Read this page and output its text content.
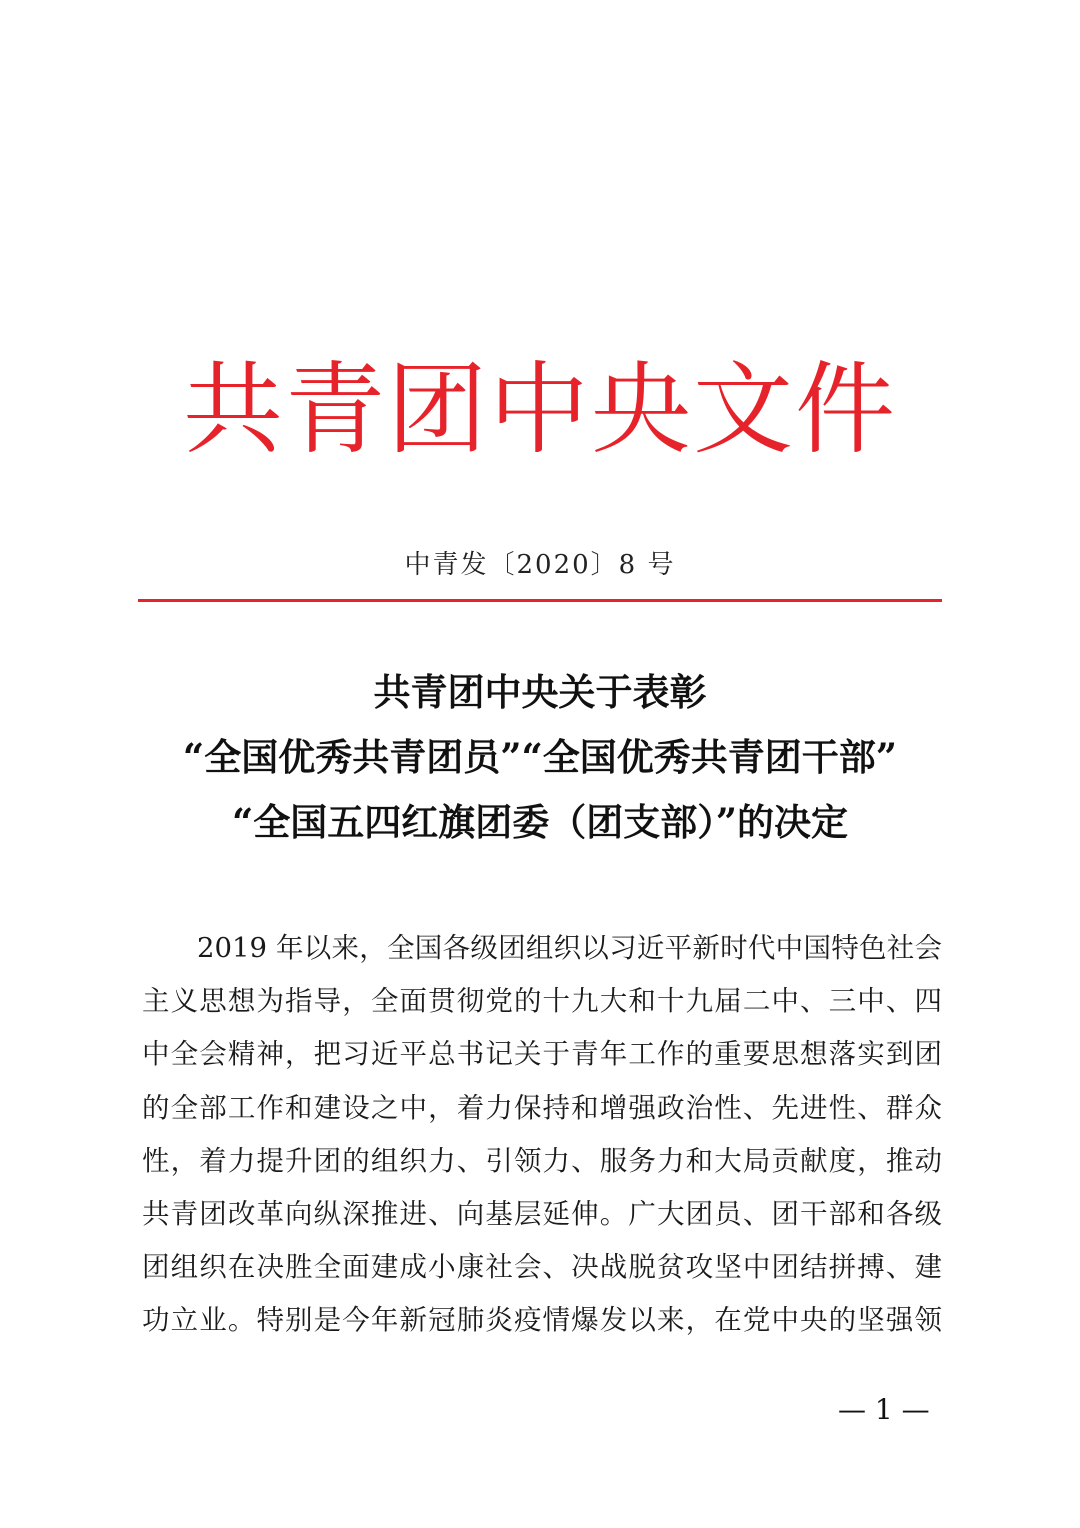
共青团中央文件
中青发〔2020〕8 号
共青团中央关于表彰
“全国优秀共青团员”“全国优秀共青团干部”
“全国五四红旗团委（团支部）”的决定
2019 年以来，全国各级团组织以习近平新时代中国特色社会
主义思想为指导，全面贯彻党的十九大和十九届二中、三中、四
中全会精神，把习近平总书记关于青年工作的重要思想落实到团
的全部工作和建设之中，着力保持和增强政治性、先进性、群众
性，着力提升团的组织力、引领力、服务力和大局贡献度，推动
共青团改革向纵深推进、向基层延伸。广大团员、团干部和各级
团组织在决胜全面建成小康社会、决战脱贫攻坚中团结拼搏、建
功立业。特别是今年新冠肺炎疫情爆发以来，在党中央的坚强领
— 1 —
